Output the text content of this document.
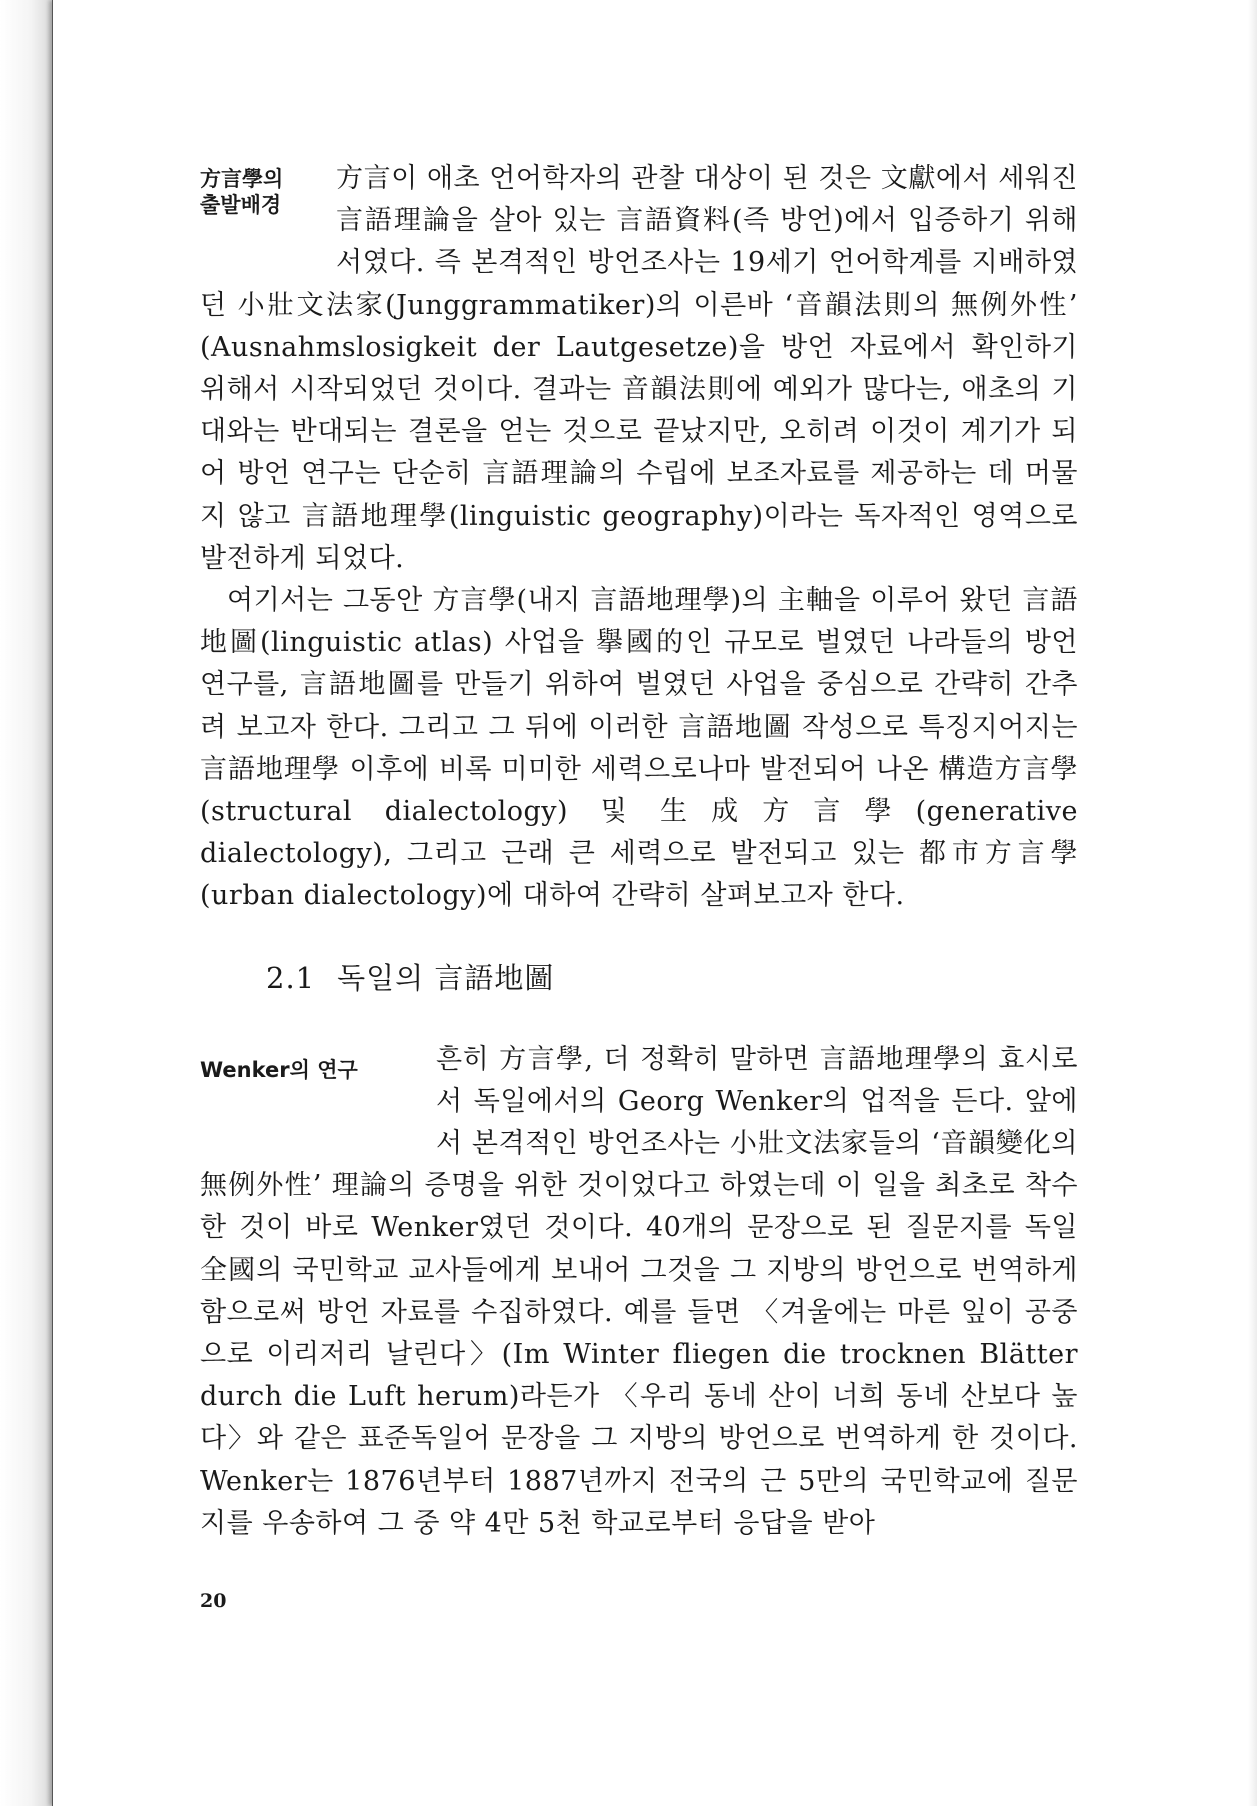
方言學의
출발배경

方言이 애초 언어학자의 관찰 대상이 된 것은 文獻에서 세워진 言語理論을 살아 있는 言語資料(즉 방언)에서 입증하기 위해서였다. 즉 본격적인 방언조사는 19세기 언어학계를 지배하였던 小壯文法家(Junggrammatiker)의 이른바 ‘音韻法則의 無例外性’ (Ausnahmslosigkeit der Lautgesetze)을 방언 자료에서 확인하기 위해서 시작되었던 것이다. 결과는 音韻法則에 예외가 많다는, 애초의 기대와는 반대되는 결론을 얻는 것으로 끝났지만, 오히려 이것이 계기가 되어 방언 연구는 단순히 言語理論의 수립에 보조자료를 제공하는 데 머물지 않고 言語地理學(linguistic geography)이라는 독자적인 영역으로 발전하게 되었다.

여기서는 그동안 方言學(내지 言語地理學)의 主軸을 이루어 왔던 言語地圖(linguistic atlas) 사업을 擧國的인 규모로 벌였던 나라들의 방언 연구를, 言語地圖를 만들기 위하여 벌였던 사업을 중심으로 간략히 간추려 보고자 한다. 그리고 그 뒤에 이러한 言語地圖 작성으로 특징지어지는 言語地理學 이후에 비록 미미한 세력으로나마 발전되어 나온 構造方言學(structural dialectology) 및 生成方言學(generative dialectology), 그리고 근래 큰 세력으로 발전되고 있는 都市方言學(urban dialectology)에 대하여 간략히 살펴보고자 한다.

2.1 독일의 言語地圖
Wenker의 연구	흔히 方言學, 더 정확히 말하면 言語地理學의 효시로서 독일에서의 Georg Wenker의 업적을 든다. 앞에서 본격적인 방언조사는 小壯文法家들의 ‘音韻變化의 無例外性’ 理論의 증명을 위한 것이었다고 하였는데 이 일을 최초로 착수한 것이 바로 Wenker였던 것이다. 40개의 문장으로 된 질문지를 독일 全國의 국민학교 교사들에게 보내어 그것을 그 지방의 방언으로 번역하게 함으로써 방언 자료를 수집하였다. 예를 들면 〈겨울에는 마른 잎이 공중으로 이리저리 날린다〉(Im Winter fliegen die trocknen Blätter durch die Luft herum)라든가 〈우리 동네 산이 너희 동네 산보다 높다〉와 같은 표준독일어 문장을 그 지방의 방언으로 번역하게 한 것이다. Wenker는 1876년부터 1887년까지 전국의 근 5만의 국민학교에 질문지를 우송하여 그 중 약 4만 5천 학교로부터 응답을 받아

20
